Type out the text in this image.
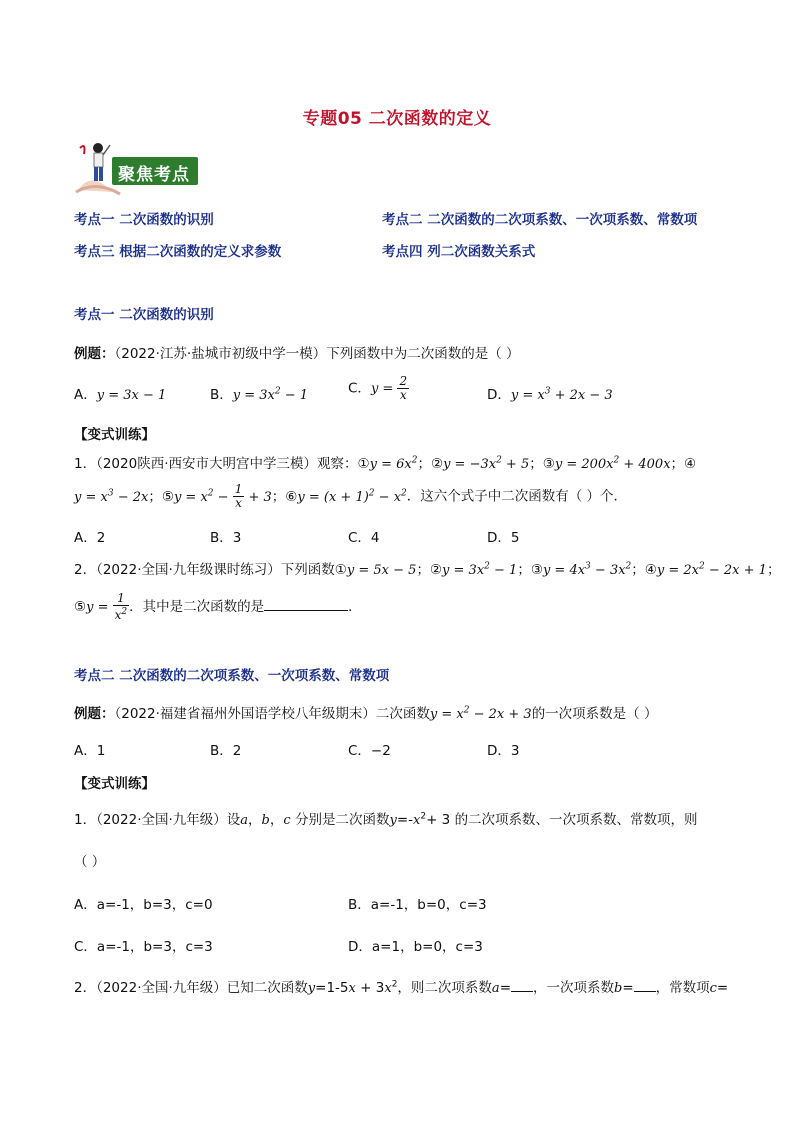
专题05 二次函数的定义
聚焦考点
考点一 二次函数的识别	考点二 二次函数的二次项系数、一次项系数、常数项
考点三 根据二次函数的定义求参数	考点四 列二次函数关系式
考点一 二次函数的识别
例题：（2022·江苏·盐城市初级中学一模）下列函数中为二次函数的是（ ）
A．y = 3x − 1	B．$y = 3x^2 - 1$	C．$y = \frac{2}{x}$	D．$y = x^3 + 2x - 3$
【变式训练】
1．（2020陕西·西安市大明宫中学三模）观察：①y = $6x^2$；②y = $-3x^2 + 5$；③y = $200x^2 + 400x$；④
$y = x^3 - 2x$；⑤y = $x^2 - \frac{1}{x} + 3$；⑥y = $(x + 1)^2 - x^2$．这六个式子中二次函数有（ ）个．
A．2	B．3	C．4	D．5
2．（2022·全国·九年级课时练习）下列函数①y = 5x − 5；②y = $3x^2 - 1$；③y = $4x^3 - 3x^2$；④y = $2x^2 - 2x + 1$；
⑤y = $\frac{1}{x^2}$ ．其中是二次函数的是	．
考点二 二次函数的二次项系数、一次项系数、常数项
例题：（2022·福建省福州外国语学校八年级期末）二次函数$y = x^2 - 2x + 3$的一次项系数是（ ）
A．1	B．2	C．−2	D．3
【变式训练】
1．（2022·全国·九年级）设a，b，c 分别是二次函数$y=-x^2+ 3$ 的二次项系数、一次项系数、常数项，则
（ ）
A．a=-1，b=3，c=0	B．a=-1，b=0，c=3
C．a=-1，b=3，c=3	D．a=1，b=0，c=3
2．（2022·全国·九年级）已知二次函数$y=1-5x + 3x^2$，则二次项系数a= ，一次项系数b= ，常数项c=
